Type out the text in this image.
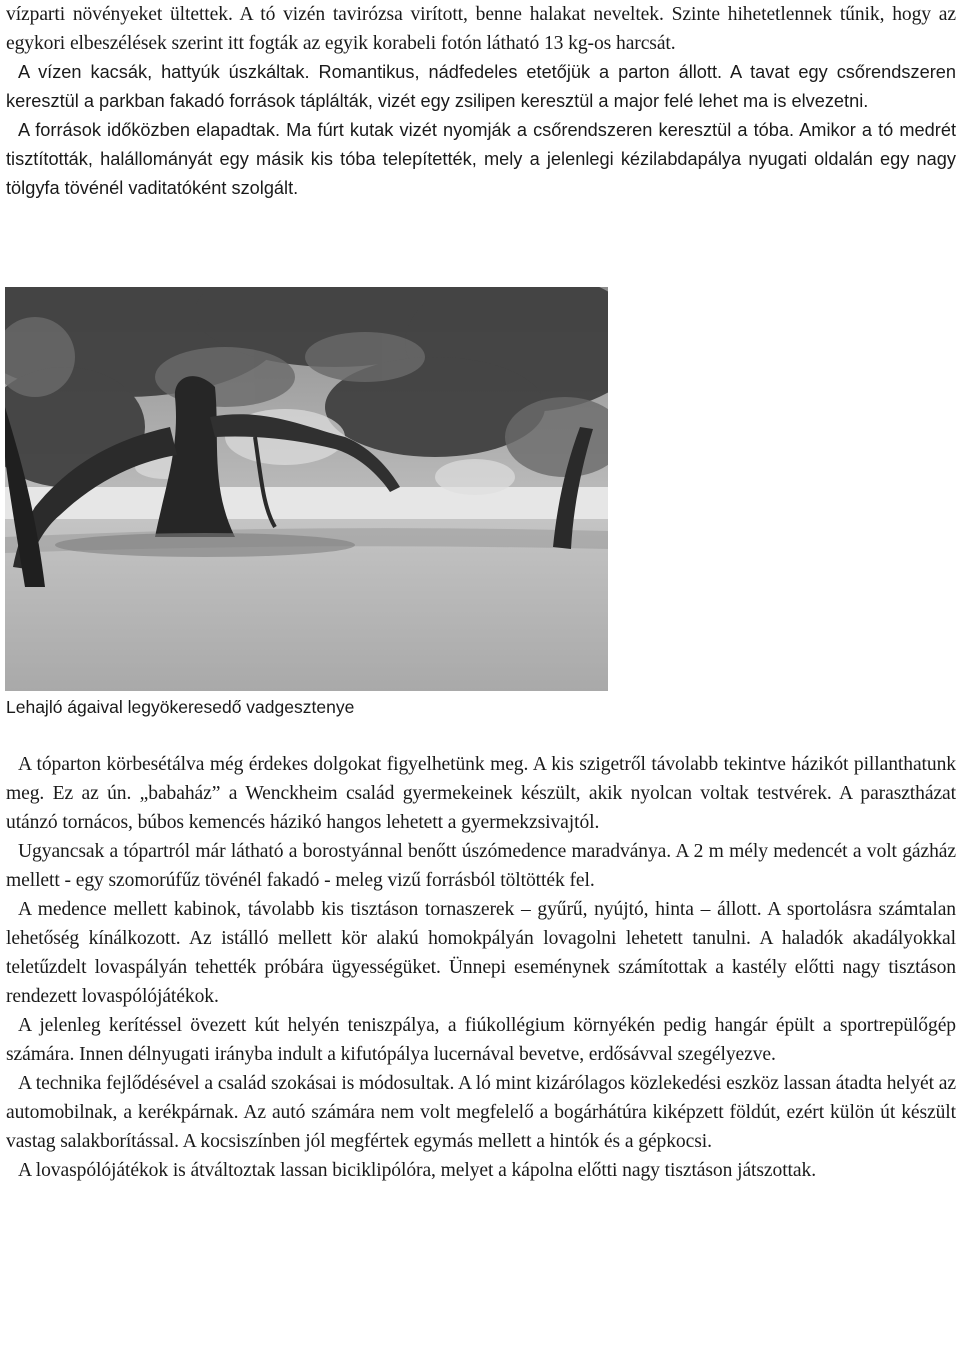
vízparti növényeket ültettek. A tó vizén tavirózsa virított, benne halakat neveltek. Szinte hihetetlennek tűnik, hogy az egykori elbeszélések szerint itt fogták az egyik korabeli fotón látható 13 kg-os harcsát.

A vízen kacsák, hattyúk úszkáltak. Romantikus, nádfedeles etetőjük a parton állott. A tavat egy csőrendszeren keresztül a parkban fakadó források táplálták, vizét egy zsilipen keresztül a major felé lehet ma is elvezetni.

A források időközben elapadtak. Ma fúrt kutak vizét nyomják a csőrendszeren keresztül a tóba. Amikor a tó medrét tisztították, halállományát egy másik kis tóba telepítették, mely a jelenlegi kézilabdapálya nyugati oldalán egy nagy tölgyfa tövénél vaditatóként szolgált.

Lehajló ágaival legyökeresedő vadgesztenye

A tóparton körbesétálva még érdekes dolgokat figyelhetünk meg. A kis szigetről távolabb tekintve házikót pillanthatunk meg. Ez az ún. „babaház” a Wenckheim család gyermekeinek készült, akik nyolcan voltak testvérek. A parasztházat utánzó tornácos, búbos kemencés házikó hangos lehetett a gyermekzsivajtól.

Ugyancsak a tópartról már látható a borostyánnal benőtt úszómedence maradványa. A 2 m mély medencét a volt gázház mellett - egy szomorúfűz tövénél fakadó - meleg vizű forrásból töltötték fel.

A medence mellett kabinok, távolabb kis tisztáson tornaszerek – gyűrű, nyújtó, hinta – állott. A sportolásra számtalan lehetőség kínálkozott. Az istálló mellett kör alakú homokpályán lovagolni lehetett tanulni. A haladók akadályokkal teletűzdelt lovaspályán tehették próbára ügyességüket. Ünnepi eseménynek számítottak a kastély előtti nagy tisztáson rendezett lovaspólójátékok.

A jelenleg kerítéssel övezett kút helyén teniszpálya, a fiúkollégium környékén pedig hangár épült a sportrepülőgép számára. Innen délnyugati irányba indult a kifutópálya lucernával bevetve, erdősávval szegélyezve.

A technika fejlődésével a család szokásai is módosultak. A ló mint kizárólagos közlekedési eszköz lassan átadta helyét az automobilnak, a kerékpárnak. Az autó számára nem volt megfelelő a bogárhátúra kiképzett földút, ezért külön út készült vastag salakborítással. A kocsiszínben jól megfértek egymás mellett a hintók és a gépkocsi.

A lovaspólójátékok is átváltoztak lassan biciklipólóra, melyet a kápolna előtti nagy tisztáson játszottak.
